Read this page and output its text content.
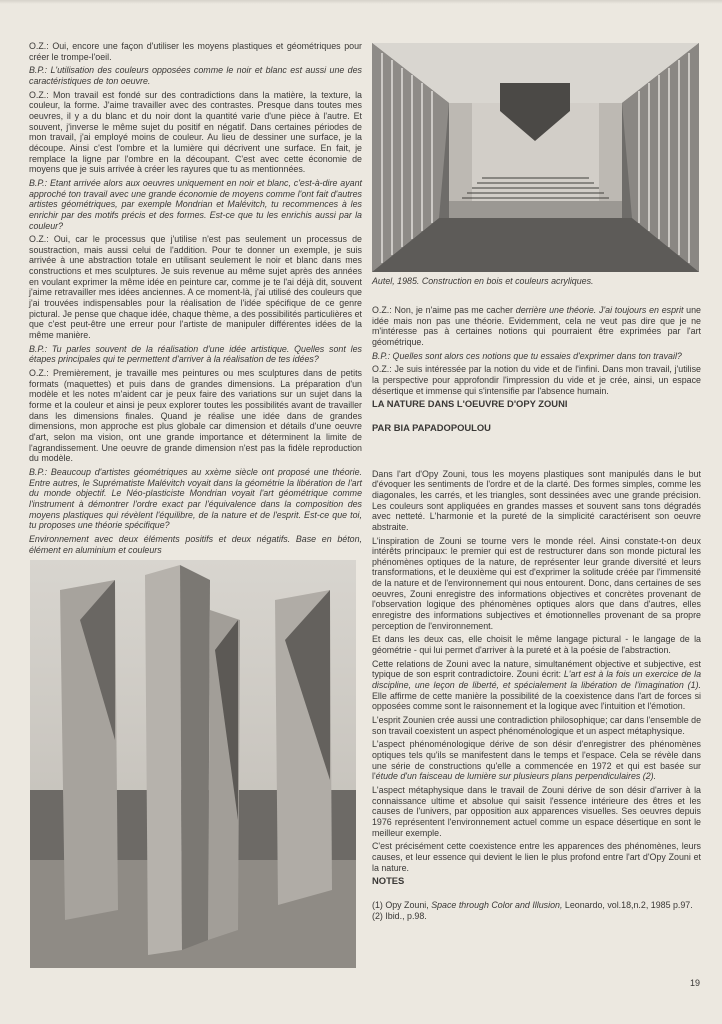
O.Z.: Oui, encore une façon d'utiliser les moyens plastiques et géométriques pour créer le trompe-l'oeil.

B.P.: L'utilisation des couleurs opposées comme le noir et blanc est aussi une des caractéristiques de ton oeuvre.

O.Z.: Mon travail est fondé sur des contradictions dans la matière, la texture, la couleur, la forme. J'aime travailler avec des contrastes. Presque dans toutes mes oeuvres, il y a du blanc et du noir dont la quantité varie d'une pièce à l'autre. Et souvent, j'inverse le même sujet du positif en négatif. Dans certaines périodes de mon travail, j'ai employé moins de couleur. Au lieu de dessiner une surface, je la découpe. Ainsi c'est l'ombre et la lumière qui décrivent une surface. En fait, je remplace la ligne par l'ombre en la découpant. C'est avec cette économie de moyens que je suis arrivée à créer les rayures que tu as mentionnées.

B.P.: Etant arrivée alors aux oeuvres uniquement en noir et blanc, c'est-à-dire ayant approché ton travail avec une grande économie de moyens comme l'ont fait d'autres artistes géométriques, par exemple Mondrian et Malévitch, tu recommences à les enrichir par des motifs précis et des formes. Est-ce que tu les enrichis aussi par la couleur?

O.Z.: Oui, car le processus que j'utilise n'est pas seulement un processus de soustraction, mais aussi celui de l'addition. Pour te donner un exemple, je suis arrivée à une abstraction totale en utilisant seulement le noir et blanc dans mes constructions et mes sculptures. Je suis revenue au même sujet après des années en voulant exprimer la même idée en peinture car, comme je te l'ai déjà dit, souvent j'aime retravailler mes idées anciennes. A ce moment-là, j'ai utilisé des couleurs que j'ai trouvées indispensables pour la réalisation de l'idée spécifique de ce genre pictural. Je pense que chaque idée, chaque thème, a des possibilités particulières et que c'est peut-être une erreur pour l'artiste de manipuler différentes idées de la même manière.

B.P.: Tu parles souvent de la réalisation d'une idée artistique. Quelles sont les étapes principales qui te permettent d'arriver à la réalisation de tes idées?

O.Z.: Premièrement, je travaille mes peintures ou mes sculptures dans de petits formats (maquettes) et puis dans de grandes dimensions. La préparation d'un modèle et les notes m'aident car je peux faire des variations sur un sujet dans la forme et la couleur et ainsi je peux explorer toutes les possibilités avant de travailler dans les dimensions finales. Quand je réalise une idée dans de grandes dimensions, mon approche est plus globale car dimension et détails d'une oeuvre d'art, selon ma vision, ont une grande importance et déterminent la limite de l'agrandissement. Une oeuvre de grande dimension n'est pas la fidèle reproduction du modèle.

B.P.: Beaucoup d'artistes géométriques au xxème siècle ont proposé une théorie. Entre autres, le Suprématiste Malévitch voyait dans la géométrie la libération de l'art du monde objectif. Le Néo-plasticiste Mondrian voyait l'art géométrique comme l'instrument à démontrer l'ordre exact par l'équivalence dans la composition des moyens plastiques qui révèlent l'équilibre, de la nature et de l'esprit. Est-ce que toi, tu proposes une théorie spécifique?

Environnement avec deux éléments positifs et deux négatifs. Base en béton, élément en aluminium et couleurs

Autel, 1985. Construction en bois et couleurs acryliques.

O.Z.: Non, je n'aime pas me cacher derrière une théorie. J'ai toujours en esprit une idée mais non pas une théorie. Evidemment, cela ne veut pas dire que je ne m'intéresse pas à certaines notions qui pourraient être exprimées par l'art géométrique.

B.P.: Quelles sont alors ces notions que tu essaies d'exprimer dans ton travail?

O.Z.: Je suis intéressée par la notion du vide et de l'infini. Dans mon travail, j'utilise la perspective pour approfondir l'impression du vide et je crée, ainsi, un espace désertique et immense qui s'intensifie par l'absence humain.

LA NATURE DANS L'OEUVRE D'OPY ZOUNI

PAR BIA PAPADOPOULOU

Dans l'art d'Opy Zouni, tous les moyens plastiques sont manipulés dans le but d'évoquer les sentiments de l'ordre et de la clarté. Des formes simples, comme les diagonales, les carrés, et les triangles, sont dessinées avec une grande précision. Les couleurs sont appliquées en grandes masses et souvent sans tons dégradés avec netteté. L'harmonie et la pureté de la simplicité caractérisent son oeuvre abstraite.

L'inspiration de Zouni se tourne vers le monde réel. Ainsi constate-t-on deux intérêts principaux: le premier qui est de restructurer dans son monde pictural les phénomènes optiques de la nature, de représenter leur grande diversité et leurs transformations, et le deuxième qui est d'exprimer la solitude créée par l'immensité de la nature et de l'environnement qui nous entourent. Donc, dans certaines de ses oeuvres, Zouni enregistre des informations objectives et concrètes provenant de l'observation logique des phénomènes optiques alors que dans d'autres, elles enregistre des informations subjectives et émotionnelles provenant de sa propre perception de l'environnement.

Et dans les deux cas, elle choisit le même langage pictural - le langage de la géométrie - qui lui permet d'arriver à la pureté et à la poésie de l'abstraction.

Cette relations de Zouni avec la nature, simultanément objective et subjective, est typique de son esprit contradictoire. Zouni écrit: L'art est à la fois un exercice de la discipline, une leçon de liberté, et spécialement la libération de l'imagination (1). Elle affirme de cette manière la possibilité de la coexistence dans l'art de forces si opposées comme sont le raisonnement et la logique avec l'intuition et l'émotion.

L'esprit Zounien crée aussi une contradiction philosophique; car dans l'ensemble de son travail coexistent un aspect phénoménologique et un aspect métaphysique.

L'aspect phénoménologique dérive de son désir d'enregistrer des phénomènes optiques tels qu'ils se manifestent dans le temps et l'espace. Cela se révèle dans une série de constructions qu'elle a commencée en 1972 et qui est basée sur l'étude d'un faisceau de lumière sur plusieurs plans perpendiculaires (2).

L'aspect métaphysique dans le travail de Zouni dérive de son désir d'arriver à la connaissance ultime et absolue qui saisit l'essence intérieure des êtres et les causes de l'univers, par opposition aux apparences visuelles. Ses oeuvres depuis 1976 représentent l'environnement actuel comme un espace désertique en sont le meilleur exemple.

C'est précisément cette coexistence entre les apparences des phénomènes, leurs causes, et leur essence qui devient le lien le plus profond entre l'art d'Opy Zouni et la nature.

NOTES

(1) Opy Zouni, Space through Color and Illusion, Leonardo, vol.18,n.2, 1985 p.97.

(2) Ibid., p.98.

19
